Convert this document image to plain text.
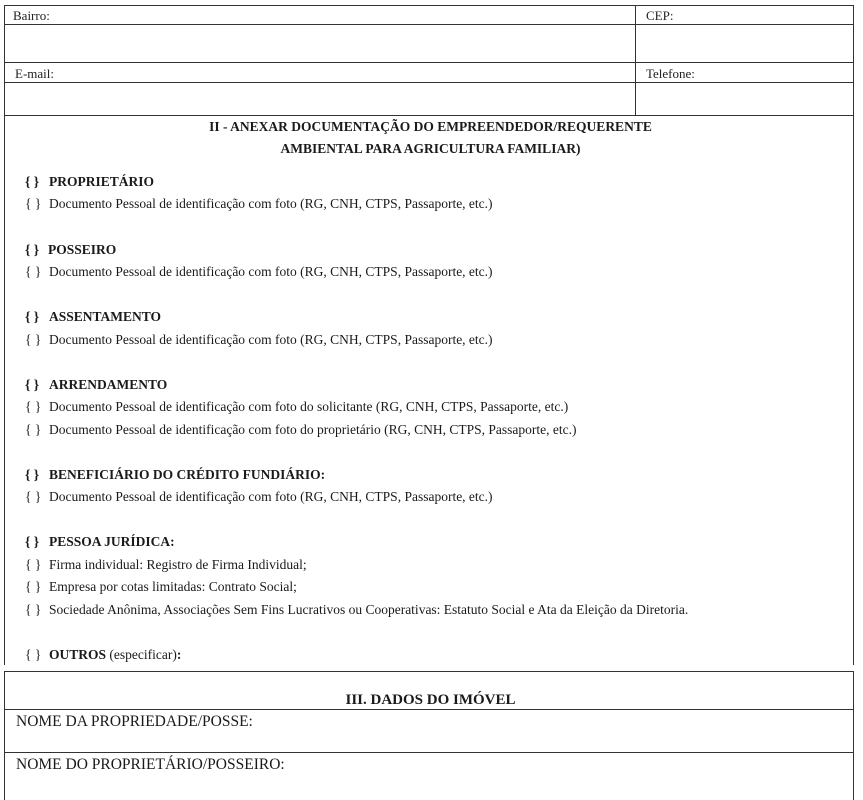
Bairro:	CEP:
E-mail:	Telefone:
II - ANEXAR DOCUMENTAÇÃO DO EMPREENDEDOR/REQUERENTE
AMBIENTAL PARA AGRICULTURA FAMILIAR)
{ } PROPRIETÁRIO
{ } Documento Pessoal de identificação com foto (RG, CNH, CTPS, Passaporte, etc.)
{ } POSSEIRO
{ } Documento Pessoal de identificação com foto (RG, CNH, CTPS, Passaporte, etc.)
{ } ASSENTAMENTO
{ } Documento Pessoal de identificação com foto (RG, CNH, CTPS, Passaporte, etc.)
{ } ARRENDAMENTO
{ } Documento Pessoal de identificação com foto do solicitante (RG, CNH, CTPS, Passaporte, etc.)
{ } Documento Pessoal de identificação com foto do proprietário (RG, CNH, CTPS, Passaporte, etc.)
{ } BENEFICIÁRIO DO CRÉDITO FUNDIÁRIO:
{ } Documento Pessoal de identificação com foto (RG, CNH, CTPS, Passaporte, etc.)
{ } PESSOA JURÍDICA:
{ } Firma individual: Registro de Firma Individual;
{ } Empresa por cotas limitadas: Contrato Social;
{ } Sociedade Anônima, Associações Sem Fins Lucrativos ou Cooperativas: Estatuto Social e Ata da Eleição da Diretoria.
{ } OUTROS (especificar):
III. DADOS DO IMÓVEL
NOME DA PROPRIEDADE/POSSE:
NOME DO PROPRIETÁRIO/POSSEIRO:
